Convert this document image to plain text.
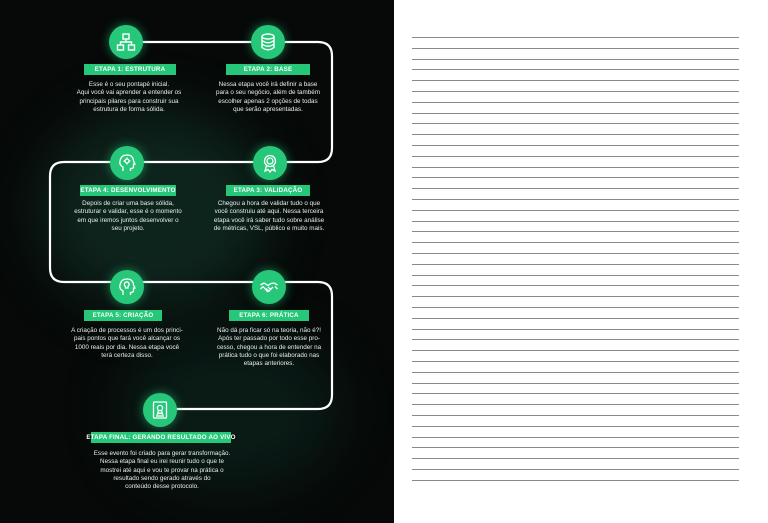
ETAPA 1: ESTRUTURA
Esse é o seu pontapé inicial.
Aqui você vai aprender a entender os
principais pilares para construir sua
estrutura de forma sólida.
ETAPA 2: BASE
Nessa etapa você irá definir a base
para o seu negócio, além de também
escolher apenas 2 opções de todas
que serão apresentadas.
ETAPA 4: DESENVOLVIMENTO
Depois de criar uma base sólida,
estruturar e validar, esse é o momento
em que iremos juntos desenvolver o
seu projeto.
ETAPA 3: VALIDAÇÃO
Chegou a hora de validar tudo o que
você construiu até aqui. Nessa terceira
etapa você irá saber tudo sobre análise
de métricas, VSL, público e muito mais.
ETAPA 5: CRIAÇÃO
A criação de processos é um dos princi-
pais pontos que fará você alcançar os
1000 reais por dia. Nessa etapa você
terá certeza disso.
ETAPA 6: PRÁTICA
Não dá pra ficar só na teoria, não é?!
Após ter passado por todo esse pro-
cesso, chegou a hora de entender na
prática tudo o que foi elaborado nas
etapas anteriores.
ETAPA FINAL: GERANDO RESULTADO AO VIVO
Esse evento foi criado para gerar transformação.
Nessa etapa final eu irei reunir tudo o que te
mostrei até aqui e vou te provar na prática o
resultado sendo gerado através do
conteúdo desse protocolo.
